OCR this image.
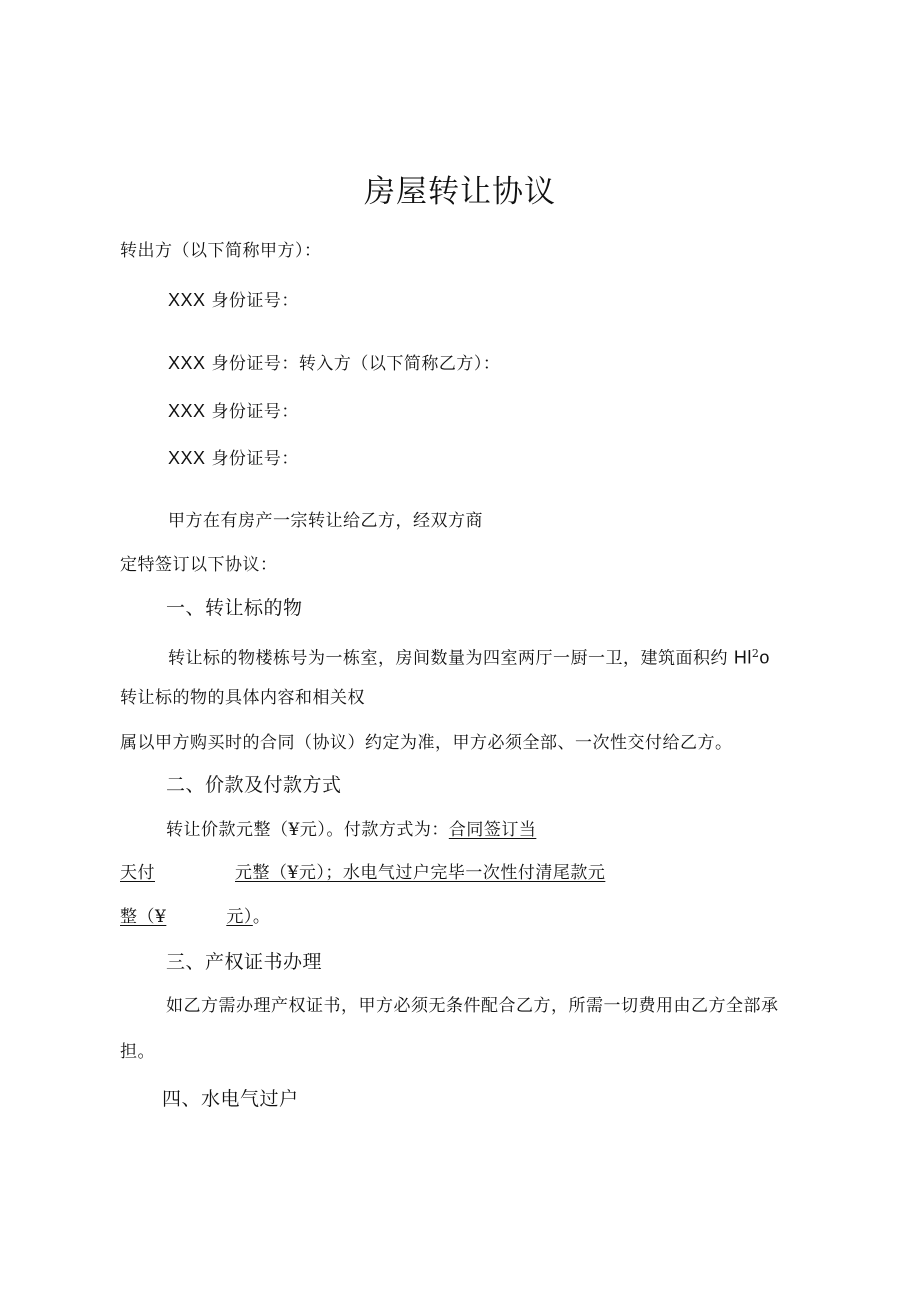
房屋转让协议
转出方（以下简称甲方）：
XXX 身份证号：
XXX 身份证号：转入方（以下简称乙方）：
XXX 身份证号：
XXX 身份证号：
甲方在有房产一宗转让给乙方，经双方商
定特签订以下协议：
一、转让标的物
转让标的物楼栋号为一栋室，房间数量为四室两厅一厨一卫，建筑面积约 Hl$^2$o
转让标的物的具体内容和相关权
属以甲方购买时的合同（协议）约定为准，甲方必须全部、一次性交付给乙方。
二、价款及付款方式
转让价款元整（¥元）。付款方式为：合同签订当
天付	元整（¥元）；水电气过户完毕一次性付清尾款元
整（¥	元）。
三、产权证书办理
如乙方需办理产权证书，甲方必须无条件配合乙方，所需一切费用由乙方全部承
担。
四、水电气过户
